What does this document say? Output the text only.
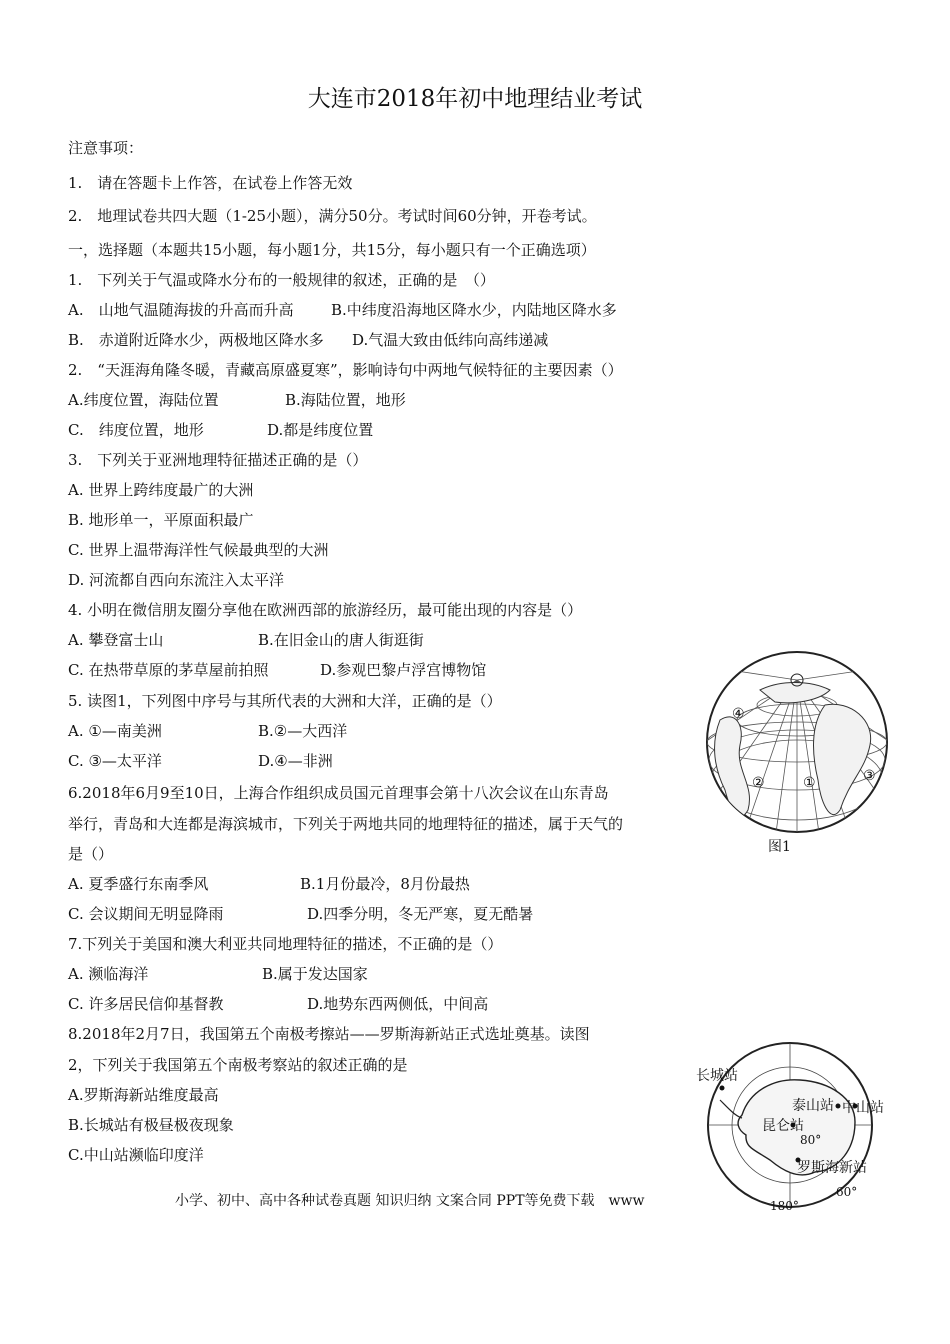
大连市2018年初中地理结业考试
注意事项：
1.　请在答题卡上作答，在试卷上作答无效
2.　地理试卷共四大题（1-25小题），满分50分。考试时间60分钟，开卷考试。
一，选择题（本题共15小题，每小题1分，共15分，每小题只有一个正确选项）
1.　下列关于气温或降水分布的一般规律的叙述，正确的是　（）
A.　山地气温随海拔的升高而升高 B.中纬度沿海地区降水少，内陆地区降水多
B.　赤道附近降水少，两极地区降水多 D.气温大致由低纬向高纬递减
2.　“天涯海角隆冬暖，青藏高原盛夏寒”，影响诗句中两地气候特征的主要因素（）
A.纬度位置，海陆位置	B.海陆位置，地形
C.　纬度位置，地形	D.都是纬度位置
3.　下列关于亚洲地理特征描述正确的是（）
A. 世界上跨纬度最广的大洲
B. 地形单一，平原面积最广
C. 世界上温带海洋性气候最典型的大洲
D. 河流都自西向东流注入太平洋
4. 小明在微信朋友圈分享他在欧洲西部的旅游经历，最可能出现的内容是（）
A. 攀登富士山	B.在旧金山的唐人街逛街
C. 在热带草原的茅草屋前拍照	D.参观巴黎卢浮宫博物馆
5. 读图1，下列图中序号与其所代表的大洲和大洋，正确的是（）
A. ①—南美洲	B.②—大西洋
C. ③—太平洋	D.④—非洲
6.2018年6月9至10日，上海合作组织成员国元首理事会第十八次会议在山东青岛
举行，青岛和大连都是海滨城市，下列关于两地共同的地理特征的描述，属于天气的
是（）
A. 夏季盛行东南季风	B.1月份最冷，8月份最热
C. 会议期间无明显降雨	D.四季分明，冬无严寒，夏无酷暑
7.下列关于美国和澳大利亚共同地理特征的描述，不正确的是（）
A. 濒临海洋	B.属于发达国家
C. 许多居民信仰基督教	D.地势东西两侧低，中间高
8.2018年2月7日，我国第五个南极考擦站——罗斯海新站正式选址奠基。读图
2，下列关于我国第五个南极考察站的叙述正确的是
A.罗斯海新站维度最高
B.长城站有极昼极夜现象
C.中山站濒临印度洋
④
②	①	③
图1
长城站
泰山站 中山站
昆仑站
罗斯海新站
80°
60°
180°
小学、初中、高中各种试卷真题 知识归纳 文案合同 PPT等免费下载　www
